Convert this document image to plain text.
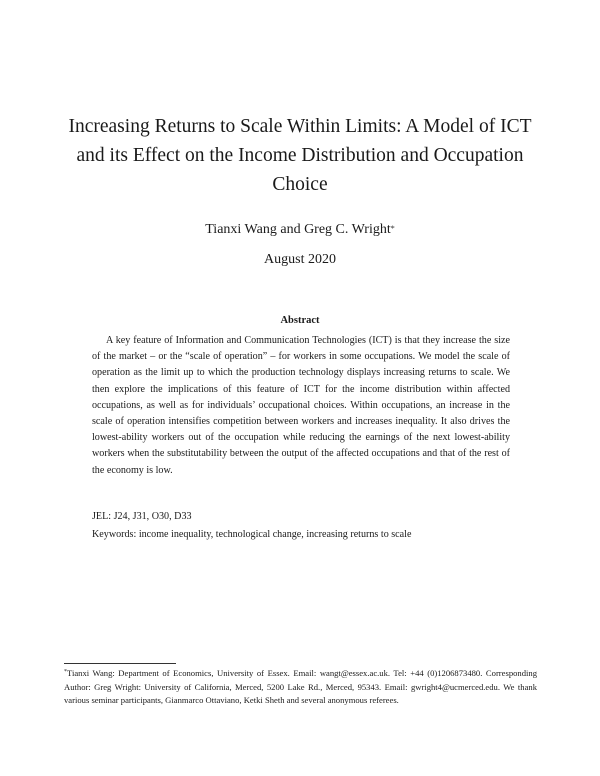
Increasing Returns to Scale Within Limits: A Model of ICT and its Effect on the Income Distribution and Occupation Choice
Tianxi Wang and Greg C. Wright*
August 2020
Abstract

A key feature of Information and Communication Technologies (ICT) is that they increase the size of the market – or the “scale of operation” – for workers in some occupations. We model the scale of operation as the limit up to which the production technology displays increasing returns to scale. We then explore the implications of this feature of ICT for the income distribution within affected occupations, as well as for individuals’ occupational choices. Within occupations, an increase in the scale of operation intensifies competition between workers and increases inequality. It also drives the lowest-ability workers out of the occupation while reducing the earnings of the next lowest-ability workers when the substitutability between the output of the affected occupations and that of the rest of the economy is low.

JEL: J24, J31, O30, D33
Keywords: income inequality, technological change, increasing returns to scale

*Tianxi Wang: Department of Economics, University of Essex. Email: wangt@essex.ac.uk. Tel: +44 (0)1206873480. Corresponding Author: Greg Wright: University of California, Merced, 5200 Lake Rd., Merced, 95343. Email: gwright4@ucmerced.edu. We thank various seminar participants, Gianmarco Ottaviano, Ketki Sheth and several anonymous referees.
